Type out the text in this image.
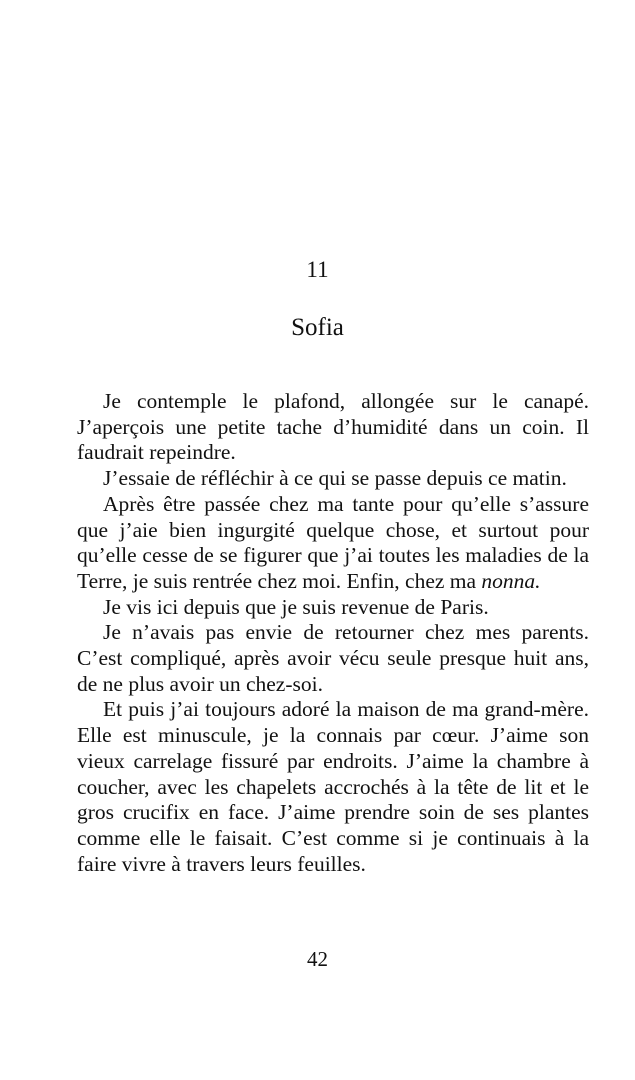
11
Sofia

Je contemple le plafond, allongée sur le canapé. J’aperçois une petite tache d’humidité dans un coin. Il faudrait repeindre.

J’essaie de réfléchir à ce qui se passe depuis ce matin.

Après être passée chez ma tante pour qu’elle s’assure que j’aie bien ingurgité quelque chose, et surtout pour qu’elle cesse de se figurer que j’ai toutes les maladies de la Terre, je suis rentrée chez moi. Enfin, chez ma nonna.

Je vis ici depuis que je suis revenue de Paris.

Je n’avais pas envie de retourner chez mes parents. C’est compliqué, après avoir vécu seule presque huit ans, de ne plus avoir un chez-soi.

Et puis j’ai toujours adoré la maison de ma grand-mère. Elle est minuscule, je la connais par cœur. J’aime son vieux carrelage fissuré par endroits. J’aime la chambre à coucher, avec les chapelets accrochés à la tête de lit et le gros crucifix en face. J’aime prendre soin de ses plantes comme elle le faisait. C’est comme si je continuais à la faire vivre à travers leurs feuilles.

42
